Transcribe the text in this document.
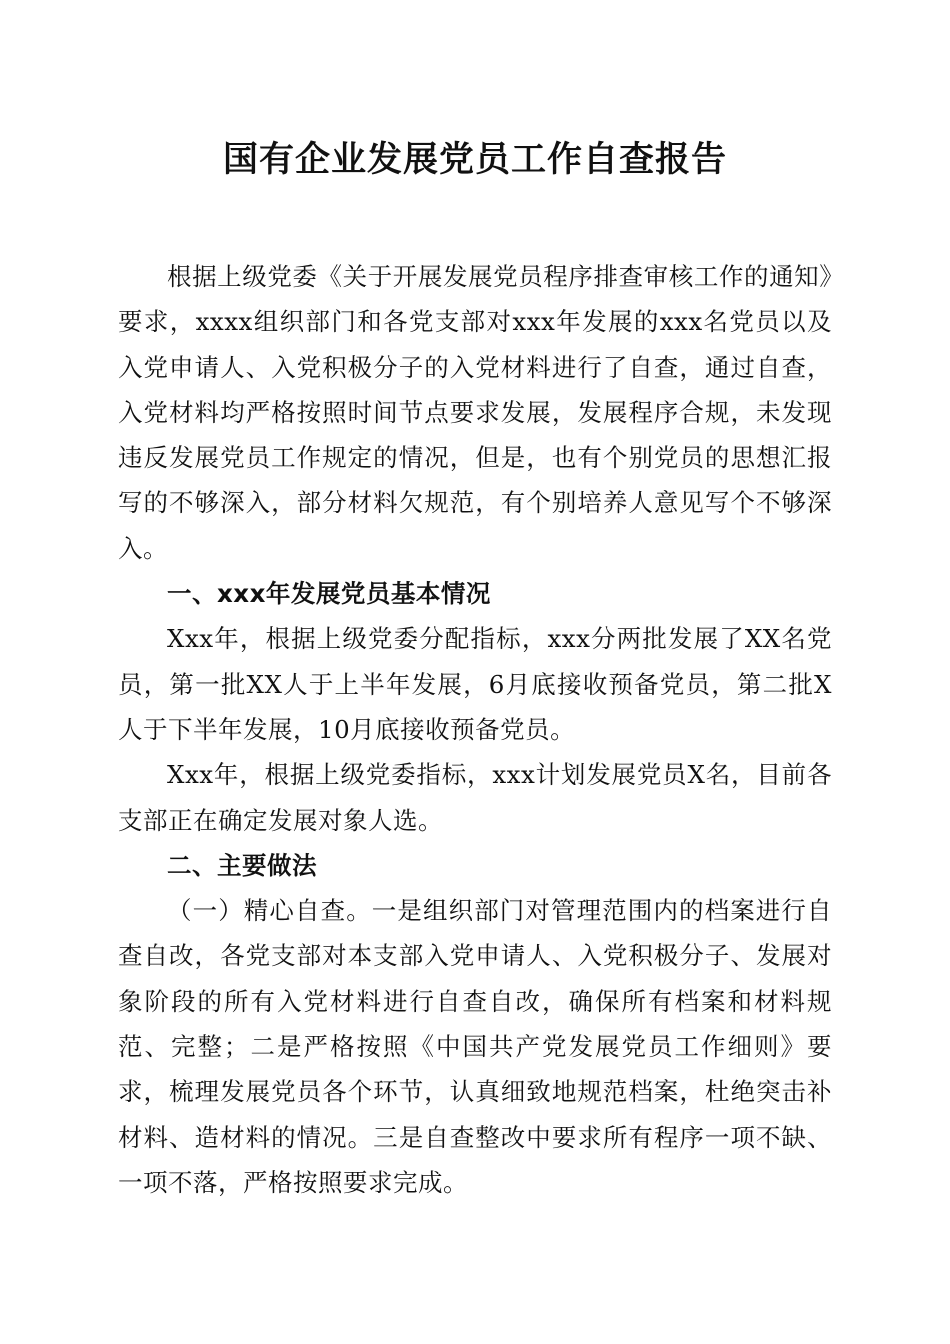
国有企业发展党员工作自查报告

根据上级党委《关于开展发展党员程序排查审核工作的通知》要求，xxxx组织部门和各党支部对xxx年发展的xxx名党员以及入党申请人、入党积极分子的入党材料进行了自查，通过自查，入党材料均严格按照时间节点要求发展，发展程序合规，未发现违反发展党员工作规定的情况，但是，也有个别党员的思想汇报写的不够深入，部分材料欠规范，有个别培养人意见写个不够深入。

一、xxx年发展党员基本情况

Xxx年，根据上级党委分配指标，xxx分两批发展了XX名党员，第一批XX人于上半年发展，6月底接收预备党员，第二批X人于下半年发展，10月底接收预备党员。

Xxx年，根据上级党委指标，xxx计划发展党员X名，目前各支部正在确定发展对象人选。

二、主要做法

（一）精心自查。一是组织部门对管理范围内的档案进行自查自改，各党支部对本支部入党申请人、入党积极分子、发展对象阶段的所有入党材料进行自查自改，确保所有档案和材料规范、完整；二是严格按照《中国共产党发展党员工作细则》要求，梳理发展党员各个环节，认真细致地规范档案，杜绝突击补材料、造材料的情况。三是自查整改中要求所有程序一项不缺、一项不落，严格按照要求完成。
